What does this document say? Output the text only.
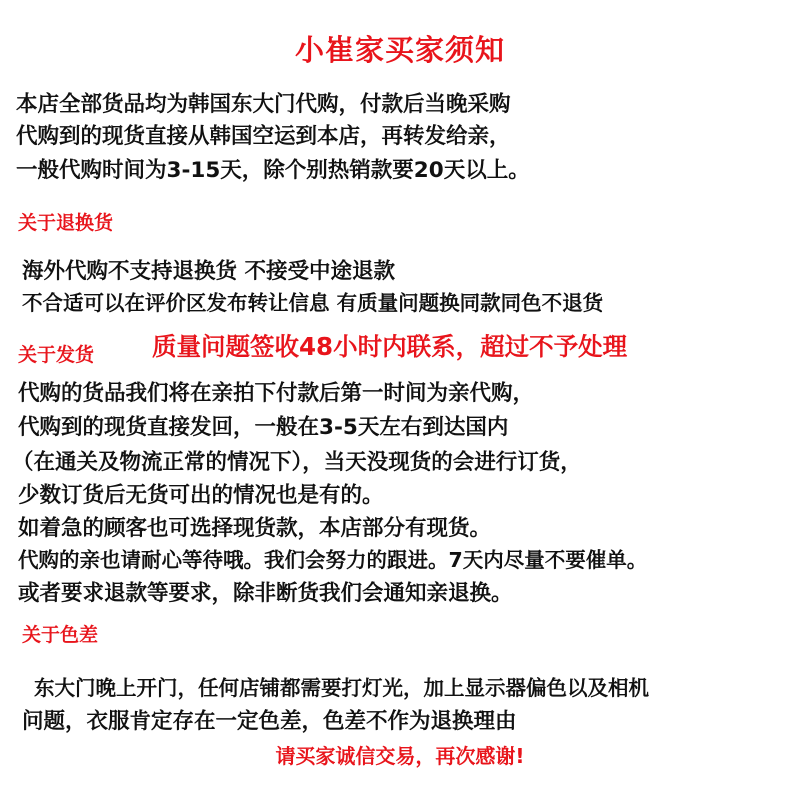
小崔家买家须知
本店全部货品均为韩国东大门代购，付款后当晚采购
代购到的现货直接从韩国空运到本店，再转发给亲，
一般代购时间为3-15天，除个别热销款要20天以上。
关于退换货
海外代购不支持退换货 不接受中途退款
不合适可以在评价区发布转让信息 有质量问题换同款同色不退货
关于发货 质量问题签收48小时内联系，超过不予处理
代购的货品我们将在亲拍下付款后第一时间为亲代购，
代购到的现货直接发回，一般在3-5天左右到达国内
（在通关及物流正常的情况下），当天没现货的会进行订货，
少数订货后无货可出的情况也是有的。
如着急的顾客也可选择现货款，本店部分有现货。
代购的亲也请耐心等待哦。我们会努力的跟进。7天内尽量不要催单。
或者要求退款等要求，除非断货我们会通知亲退换。
关于色差
东大门晚上开门，任何店铺都需要打灯光，加上显示器偏色以及相机
问题，衣服肯定存在一定色差，色差不作为退换理由
请买家诚信交易，再次感谢!
